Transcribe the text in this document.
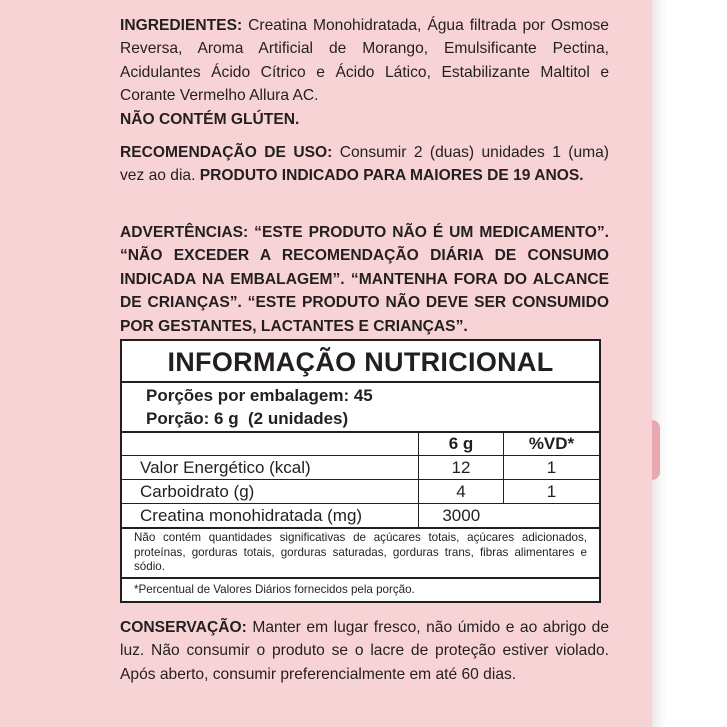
INGREDIENTES: Creatina Monohidratada, Água filtrada por Osmose Reversa, Aroma Artificial de Morango, Emulsificante Pectina, Acidulantes Ácido Cítrico e Ácido Lático, Estabilizante Maltitol e Corante Vermelho Allura AC.
NÃO CONTÉM GLÚTEN.
RECOMENDAÇÃO DE USO: Consumir 2 (duas) unidades 1 (uma) vez ao dia. PRODUTO INDICADO PARA MAIORES DE 19 ANOS.
ADVERTÊNCIAS: “ESTE PRODUTO NÃO É UM MEDICAMENTO”. “NÃO EXCEDER A RECOMENDAÇÃO DIÁRIA DE CONSUMO INDICADA NA EMBALAGEM”. “MANTENHA FORA DO ALCANCE DE CRIANÇAS”. “ESTE PRODUTO NÃO DEVE SER CONSUMIDO POR GESTANTES, LACTANTES E CRIANÇAS”.
INFORMAÇÃO NUTRICIONAL
Porções por embalagem: 45
Porção: 6 g  (2 unidades)
	6 g	%VD*
Valor Energético (kcal)	12	1
Carboidrato (g)	4	1
Creatina monohidratada (mg)	3000	
Não contém quantidades significativas de açúcares totais, açúcares adicionados, proteínas, gorduras totais, gorduras saturadas, gorduras trans, fibras alimentares e sódio.
*Percentual de Valores Diários fornecidos pela porção.
CONSERVAÇÃO: Manter em lugar fresco, não úmido e ao abrigo de luz. Não consumir o produto se o lacre de proteção estiver violado. Após aberto, consumir preferencialmente em até 60 dias.
